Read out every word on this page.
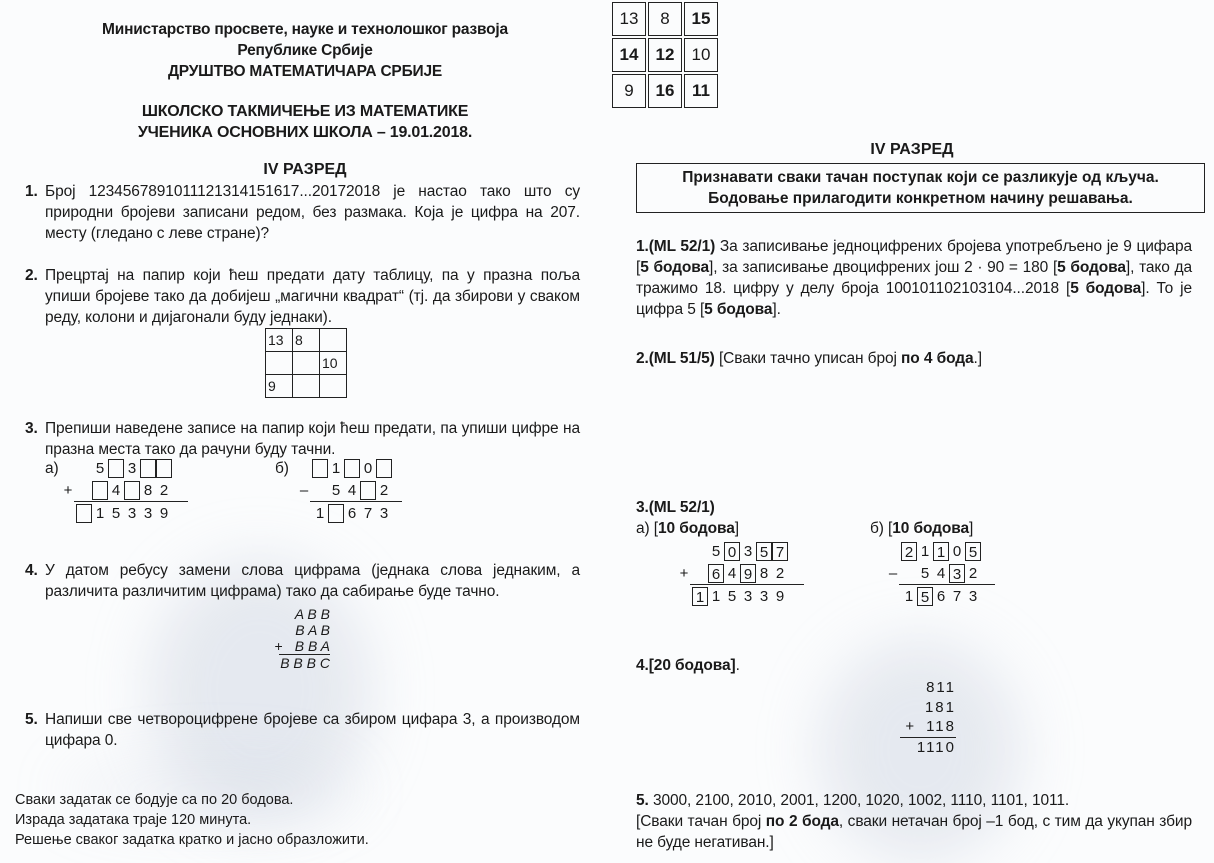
Министарство просвете, науке и технолошког развоја
Републике Србије
ДРУШТВО МАТЕМАТИЧАРА СРБИЈЕ
ШКОЛСКО ТАКМИЧЕЊЕ ИЗ МАТЕМАТИКЕ
УЧЕНИКА ОСНОВНИХ ШКОЛА – 19.01.2018.
IV РАЗРЕД
1. Број 1234567891011121314151617...20172018 је настао тако што су природни бројеви записани редом, без размака. Која је цифра на 207. месту (гледано с леве стране)?
2. Прецртај на папир који ћеш предати дату таблицу, па у празна поља упиши бројеве тако да добијеш „магични квадрат“ (тј. да збирови у сваком реду, колони и дијагонали буду једнаки).
13	8	
		10
9		
3. Препиши наведене записе на папир који ћеш предати, па упиши цифре на празна места тако да рачуни буду тачни.
а) 5 3
+	4 8 2
1 5 3 3 9
б)	1 0
– 5 4 2
1 6 7 3
4. У датом ребусу замени слова цифрама (једнака слова једнаким, а различита различитим цифрама) тако да сабирање буде тачно.
A B B
B A B
+ B B A
B B B C
5. Напиши све четвороцифрене бројеве са збиром цифара 3, а производом цифара 0.
Сваки задатак се бодује са по 20 бодова.
Израда задатака траје 120 минута.
Решење сваког задатка кратко и јасно образложити.
IV РАЗРЕД
Признавати сваки тачан поступак који се разликује од кључа.
Бодовање прилагодити конкретном начину решавања.
1.(ML 52/1) За записивање једноцифрених бројева употребљено је 9 цифара [5 бодова], за записивање двоцифрених још 2 · 90 = 180 [5 бодова], тако да тражимо 18. цифру у делу броја 100101102103104...2018 [5 бодова]. То је цифра 5 [5 бодова].
2.(ML 51/5) [Сваки тачно уписан број по 4 бода.]
13	8	15
14	12	10
9	16	11
3.(ML 52/1)
а) [10 бодова]
5 0 3 5 7
+ 6 4 9 8 2
1 1 5 3 3 9
б) [10 бодова]
2 1 1 0 5
– 5 4 3 2
1 5 6 7 3
4.[20 бодова].
811
181
+ 118
1110
5. 3000, 2100, 2010, 2001, 1200, 1020, 1002, 1110, 1101, 1011.
[Сваки тачан број по 2 бода, сваки нетачан број –1 бод, с тим да укупан збир не буде негативан.]
